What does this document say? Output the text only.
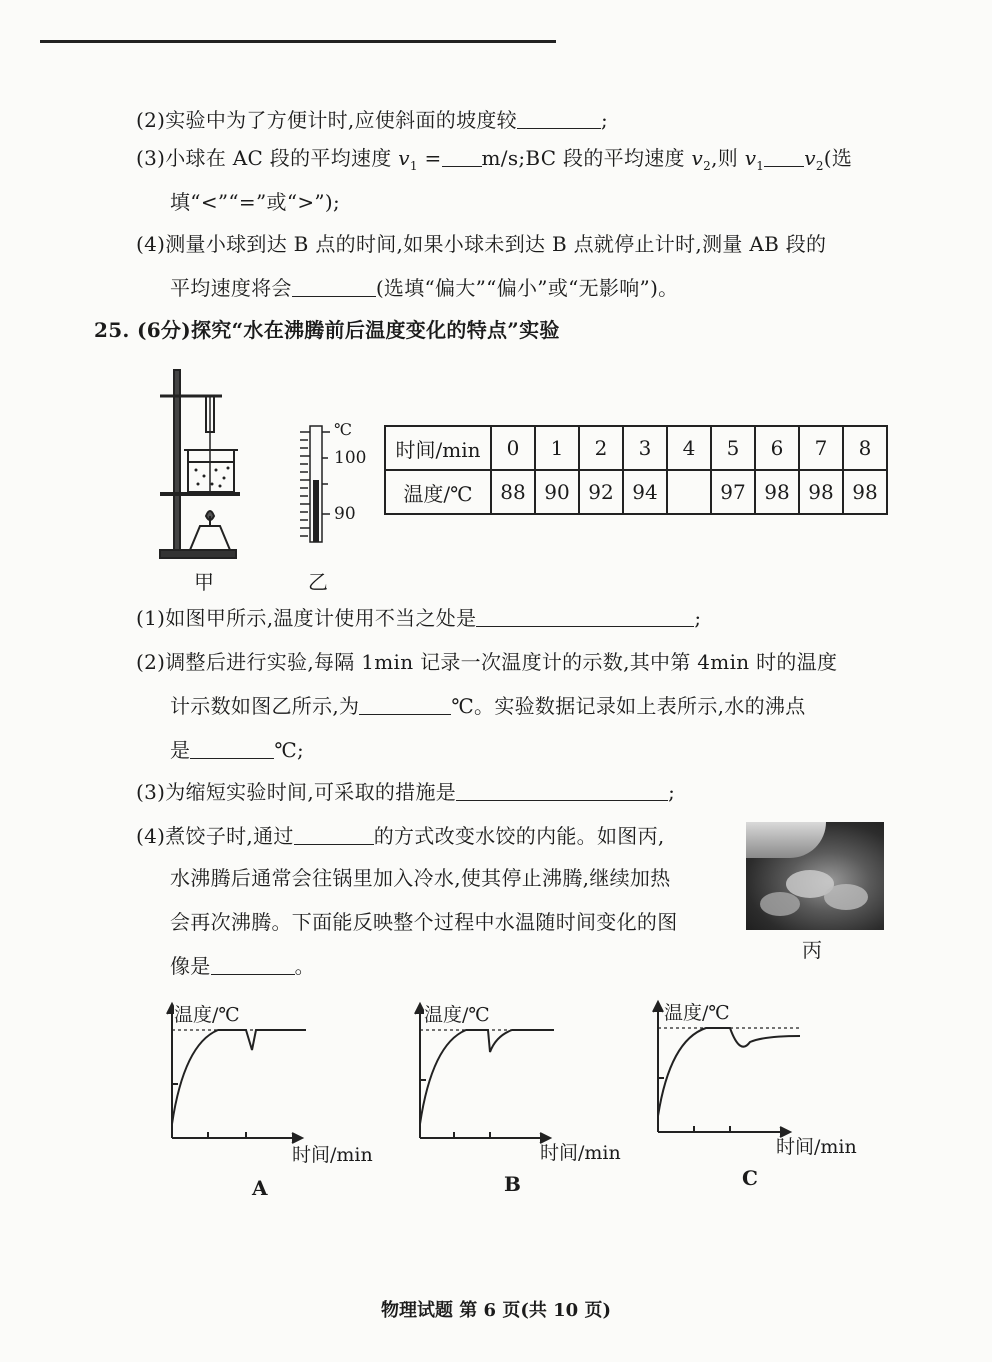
(2)实验中为了方便计时,应使斜面的坡度较	;
(3)小球在 AC 段的平均速度 $v_1$ = m/s;BC 段的平均速度 $v_2$,则 $v_1$ $v_2$(选
填“<”“=”或“>”);
(4)测量小球到达 B 点的时间,如果小球未到达 B 点就停止计时,测量 AB 段的
平均速度将会	(选填“偏大”“偏小”或“无影响”)。
25. (6分)探究“水在沸腾前后温度变化的特点”实验
甲
℃
100
90
乙
时间/min	0	1	2	3	4	5	6	7	8
温度/℃	88	90	92	94		97	98	98	98
(1)如图甲所示,温度计使用不当之处是	;
(2)调整后进行实验,每隔 1min 记录一次温度计的示数,其中第 4min 时的温度
计示数如图乙所示,为	℃。实验数据记录如上表所示,水的沸点
是	℃;
(3)为缩短实验时间,可采取的措施是	;
(4)煮饺子时,通过	的方式改变水饺的内能。如图丙,
水沸腾后通常会往锅里加入冷水,使其停止沸腾,继续加热
会再次沸腾。下面能反映整个过程中水温随时间变化的图
像是	。
丙
温度/℃
时间/min
A
温度/℃
时间/min
B
温度/℃
时间/min
C
物理试题 第 6 页(共 10 页)
